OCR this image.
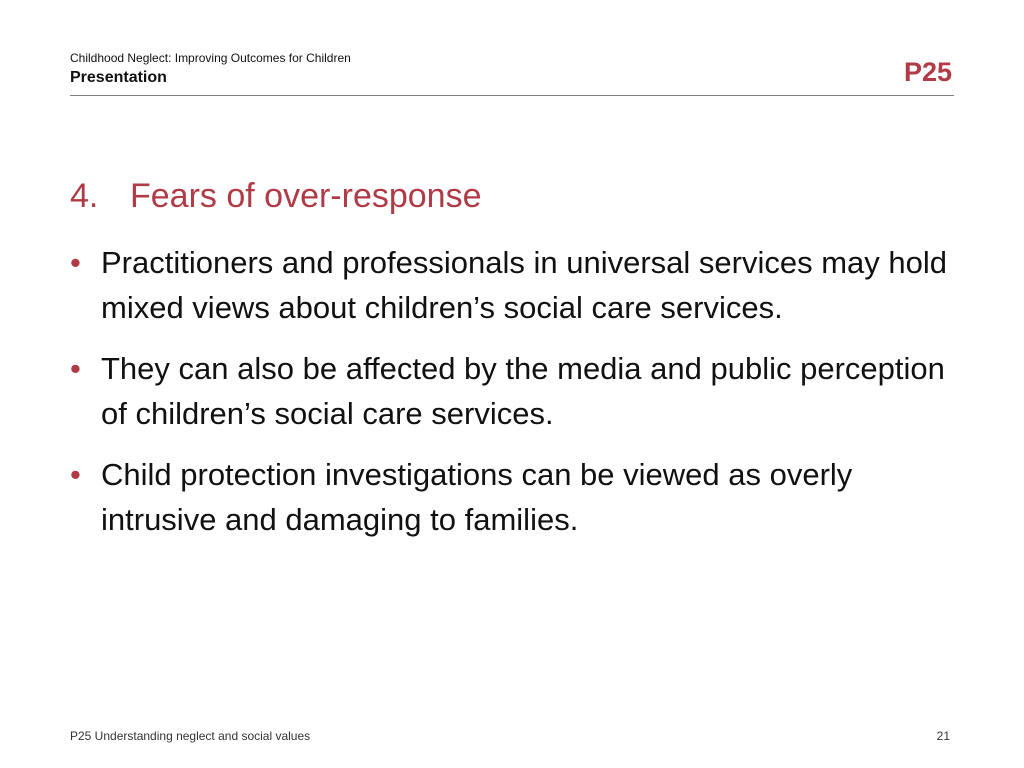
Childhood Neglect: Improving Outcomes for Children
Presentation	P25
4. Fears of over-response
• Practitioners and professionals in universal services may hold mixed views about children’s social care services.
• They can also be affected by the media and public perception of children’s social care services.
• Child protection investigations can be viewed as overly intrusive and damaging to families.
P25 Understanding neglect and social values	21
